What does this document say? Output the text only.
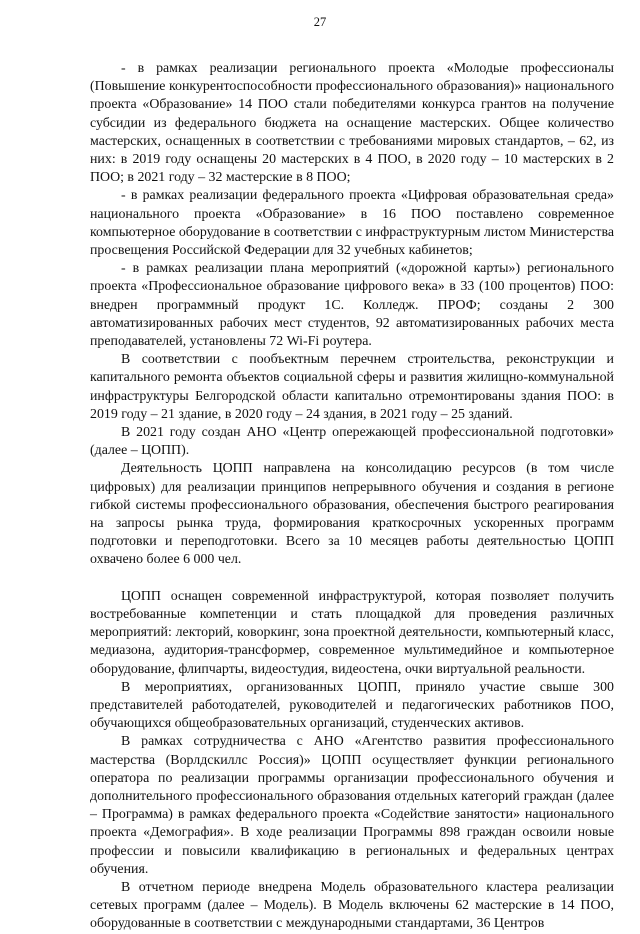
27

- в рамках реализации регионального проекта «Молодые профессионалы (Повышение конкурентоспособности профессионального образования)» национального проекта «Образование» 14 ПОО стали победителями конкурса грантов на получение субсидии из федерального бюджета на оснащение мастерских. Общее количество мастерских, оснащенных в соответствии с требованиями мировых стандартов, – 62, из них: в 2019 году оснащены 20 мастерских в 4 ПОО, в 2020 году – 10 мастерских в 2 ПОО; в 2021 году – 32 мастерские в 8 ПОО;

- в рамках реализации федерального проекта «Цифровая образовательная среда» национального проекта «Образование» в 16 ПОО поставлено современное компьютерное оборудование в соответствии с инфраструктурным листом Министерства просвещения Российской Федерации для 32 учебных кабинетов;

- в рамках реализации плана мероприятий («дорожной карты») регионального проекта «Профессиональное образование цифрового века» в 33 (100 процентов) ПОО: внедрен программный продукт 1С. Колледж. ПРОФ; созданы 2 300 автоматизированных рабочих мест студентов, 92 автоматизированных рабочих места преподавателей, установлены 72 Wi-Fi роутера.

В соответствии с пообъектным перечнем строительства, реконструкции и капитального ремонта объектов социальной сферы и развития жилищно-коммунальной инфраструктуры Белгородской области капитально отремонтированы здания ПОО: в 2019 году – 21 здание, в 2020 году – 24 здания, в 2021 году – 25 зданий.

В 2021 году создан АНО «Центр опережающей профессиональной подготовки» (далее – ЦОПП).

Деятельность ЦОПП направлена на консолидацию ресурсов (в том числе цифровых) для реализации принципов непрерывного обучения и создания в регионе гибкой системы профессионального образования, обеспечения быстрого реагирования на запросы рынка труда, формирования краткосрочных ускоренных программ подготовки и переподготовки. Всего за 10 месяцев работы деятельностью ЦОПП охвачено более 6 000 чел.

ЦОПП оснащен современной инфраструктурой, которая позволяет получить востребованные компетенции и стать площадкой для проведения различных мероприятий: лекторий, коворкинг, зона проектной деятельности, компьютерный класс, медиазона, аудитория-трансформер, современное мультимедийное и компьютерное оборудование, флипчарты, видеостудия, видеостена, очки виртуальной реальности.

В мероприятиях, организованных ЦОПП, приняло участие свыше 300 представителей работодателей, руководителей и педагогических работников ПОО, обучающихся общеобразовательных организаций, студенческих активов.

В рамках сотрудничества с АНО «Агентство развития профессионального мастерства (Ворлдскиллс Россия)» ЦОПП осуществляет функции регионального оператора по реализации программы организации профессионального обучения и дополнительного профессионального образования отдельных категорий граждан (далее – Программа) в рамках федерального проекта «Содействие занятости» национального проекта «Демография». В ходе реализации Программы 898 граждан освоили новые профессии и повысили квалификацию в региональных и федеральных центрах обучения.

В отчетном периоде внедрена Модель образовательного кластера реализации сетевых программ (далее – Модель). В Модель включены 62 мастерские в 14 ПОО, оборудованные в соответствии с международными стандартами, 36 Центров
